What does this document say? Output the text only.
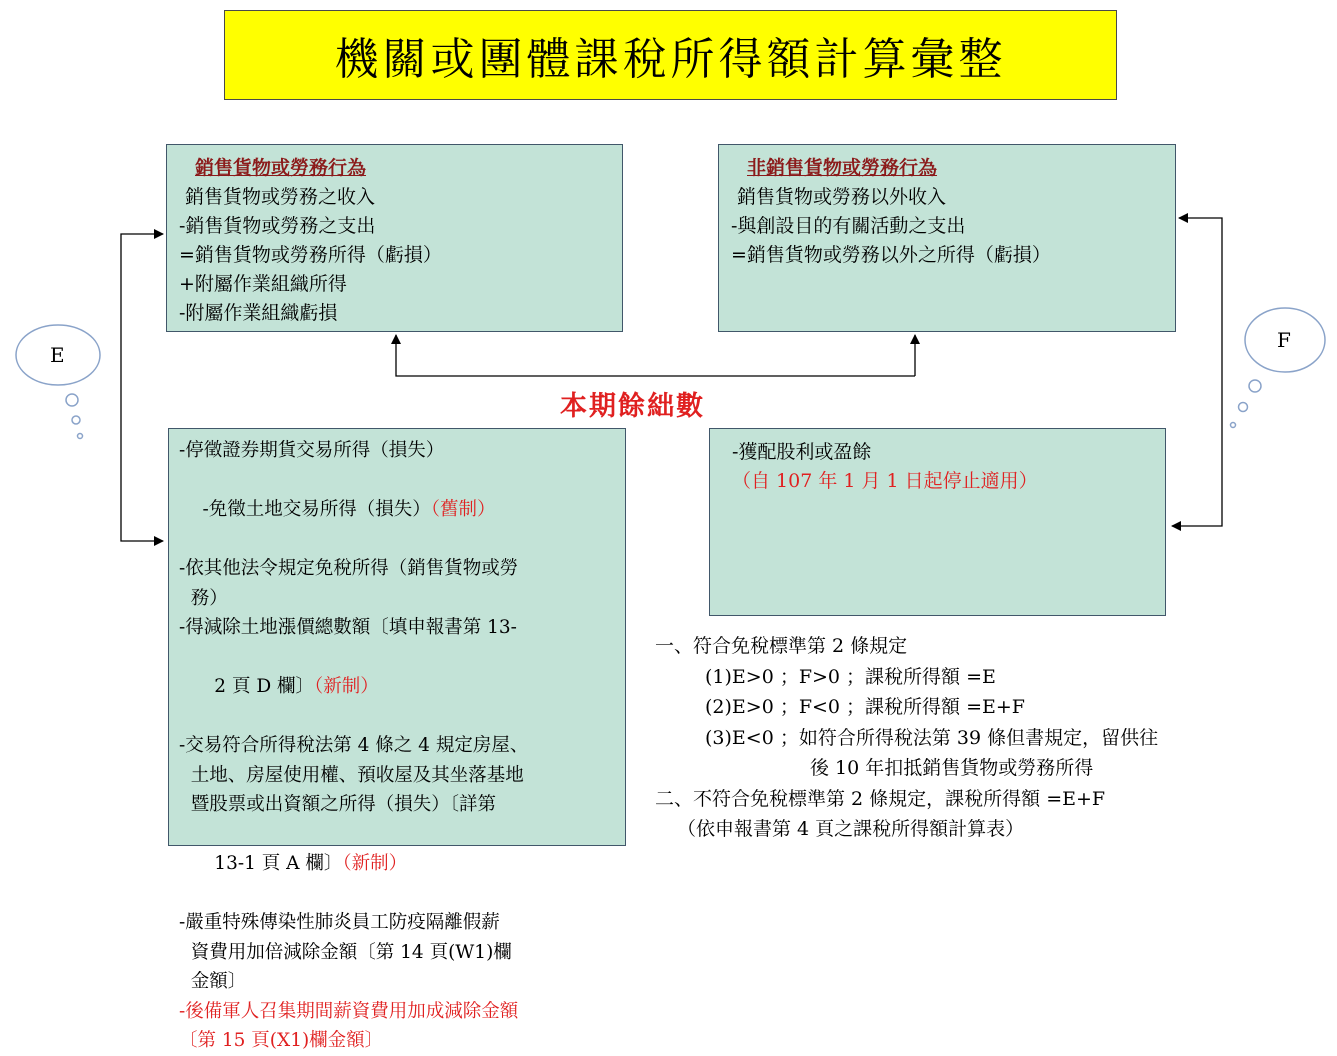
E
F
機關或團體課稅所得額計算彙整
銷售貨物或勞務行為
銷售貨物或勞務之收入
-銷售貨物或勞務之支出
=銷售貨物或勞務所得（虧損）
+附屬作業組織所得
-附屬作業組織虧損
非銷售貨物或勞務行為
銷售貨物或勞務以外收入
-與創設目的有關活動之支出
=銷售貨物或勞務以外之所得（虧損）
本期餘絀數
-停徵證券期貨交易所得（損失）

-免徵土地交易所得（損失）（舊制）

-依其他法令規定免稅所得（銷售貨物或勞
務）
-得減除土地漲價總數額〔填申報書第 13-

2 頁 D 欄〕（新制）

-交易符合所得稅法第 4 條之 4 規定房屋、
土地、房屋使用權、預收屋及其坐落基地
暨股票或出資額之所得（損失）〔詳第

13-1 頁 A 欄〕（新制）

-嚴重特殊傳染性肺炎員工防疫隔離假薪
資費用加倍減除金額〔第 14 頁(W1)欄
金額〕
-後備軍人召集期間薪資費用加成減除金額
〔第 15 頁(X1)欄金額〕
-獲配股利或盈餘
（自 107 年 1 月 1 日起停止適用）
一、符合免稅標準第 2 條規定
(1)E>0 ；F>0 ；課稅所得額 =E
(2)E>0 ；F<0 ；課稅所得額 =E+F
(3)E<0 ；如符合所得稅法第 39 條但書規定，留供往
後 10 年扣抵銷售貨物或勞務所得
二、不符合免稅標準第 2 條規定，課稅所得額 =E+F
（依申報書第 4 頁之課稅所得額計算表）
